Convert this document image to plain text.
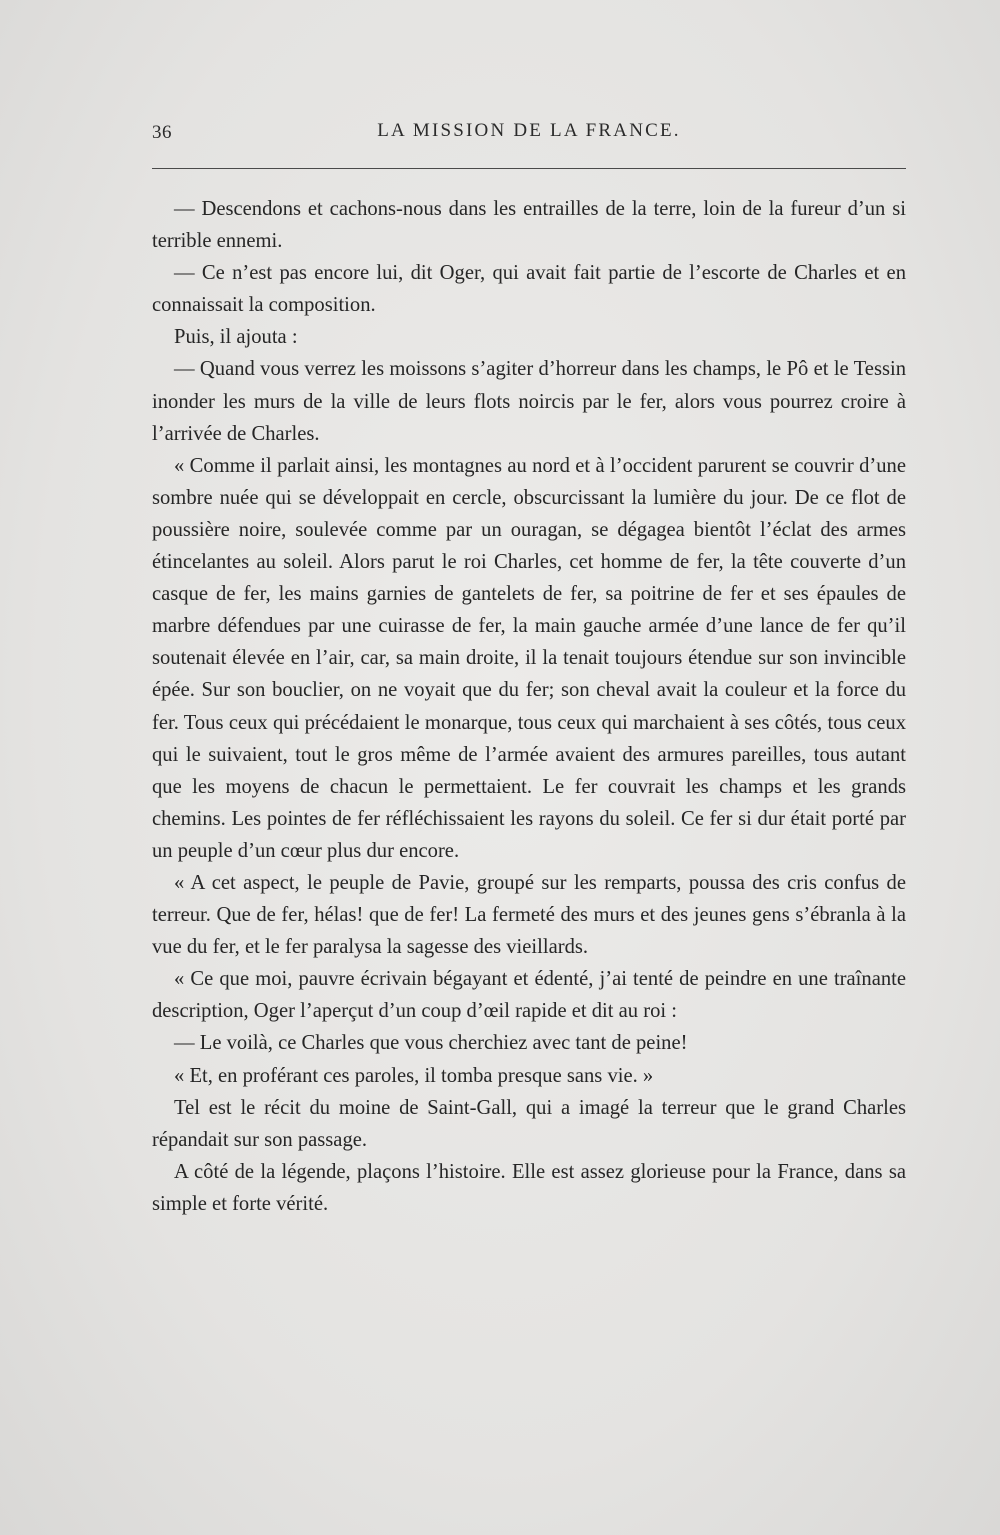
36	LA MISSION DE LA FRANCE.

— Descendons et cachons-nous dans les entrailles de la terre, loin de la fureur d’un si terrible ennemi.

— Ce n’est pas encore lui, dit Oger, qui avait fait partie de l’escorte de Charles et en connaissait la composition.

Puis, il ajouta :

— Quand vous verrez les moissons s’agiter d’horreur dans les champs, le Pô et le Tessin inonder les murs de la ville de leurs flots noircis par le fer, alors vous pourrez croire à l’arrivée de Charles.

« Comme il parlait ainsi, les montagnes au nord et à l’occident parurent se couvrir d’une sombre nuée qui se développait en cercle, obscurcissant la lumière du jour. De ce flot de poussière noire, soulevée comme par un ouragan, se dégagea bientôt l’éclat des armes étincelantes au soleil. Alors parut le roi Charles, cet homme de fer, la tête couverte d’un casque de fer, les mains garnies de gantelets de fer, sa poitrine de fer et ses épaules de marbre défendues par une cuirasse de fer, la main gauche armée d’une lance de fer qu’il soutenait élevée en l’air, car, sa main droite, il la tenait toujours étendue sur son invincible épée. Sur son bouclier, on ne voyait que du fer; son cheval avait la couleur et la force du fer. Tous ceux qui précédaient le monarque, tous ceux qui marchaient à ses côtés, tous ceux qui le suivaient, tout le gros même de l’armée avaient des armures pareilles, tous autant que les moyens de chacun le permettaient. Le fer couvrait les champs et les grands chemins. Les pointes de fer réfléchissaient les rayons du soleil. Ce fer si dur était porté par un peuple d’un cœur plus dur encore.

« A cet aspect, le peuple de Pavie, groupé sur les remparts, poussa des cris confus de terreur. Que de fer, hélas! que de fer! La fermeté des murs et des jeunes gens s’ébranla à la vue du fer, et le fer paralysa la sagesse des vieillards.

« Ce que moi, pauvre écrivain bégayant et édenté, j’ai tenté de peindre en une traînante description, Oger l’aperçut d’un coup d’œil rapide et dit au roi :

— Le voilà, ce Charles que vous cherchiez avec tant de peine!

« Et, en proférant ces paroles, il tomba presque sans vie. »

Tel est le récit du moine de Saint-Gall, qui a imagé la terreur que le grand Charles répandait sur son passage.

A côté de la légende, plaçons l’histoire. Elle est assez glorieuse pour la France, dans sa simple et forte vérité.
